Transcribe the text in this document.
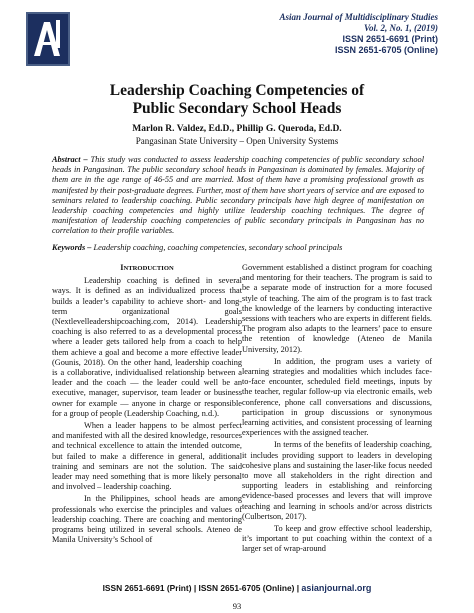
Asian Journal of Multidisciplinary Studies
Vol. 2, No. 1, (2019)
ISSN 2651-6691 (Print)
ISSN 2651-6705 (Online)
Leadership Coaching Competencies of
Public Secondary School Heads
Marlon R. Valdez, Ed.D., Phillip G. Queroda, Ed.D.
Pangasinan State University – Open University Systems
Abstract – This study was conducted to assess leadership coaching competencies of public secondary school heads in Pangasinan. The public secondary school heads in Pangasinan is dominated by females. Majority of them are in the age range of 46-55 and are married. Most of them have a promising professional growth as manifested by their post-graduate degrees. Further, most of them have short years of service and are exposed to seminars related to leadership coaching. Public secondary principals have high degree of manifestation on leadership coaching competencies and highly utilize leadership coaching techniques. The degree of manifestation of leadership coaching competencies of public secondary principals in Pangasinan has no correlation to their profile variables.
Keywords – Leadership coaching, coaching competencies, secondary school principals
INTRODUCTION

Leadership coaching is defined in several ways. It is defined as an individualized process that builds a leader’s capability to achieve short- and long-term organizational goals (Nextlevelleadershipcoaching.com, 2014). Leadership coaching is also referred to as a developmental process where a leader gets tailored help from a coach to help them achieve a goal and become a more effective leader (Gounis, 2018). On the other hand, leadership coaching is a collaborative, individualised relationship between a leader and the coach — the leader could well be an executive, manager, supervisor, team leader or business owner for example — anyone in charge or responsible for a group of people (Leadership Coaching, n.d.).

When a leader happens to be almost perfect and manifested with all the desired knowledge, resources and technical excellence to attain the intended outcome, but failed to make a difference in general, additional training and seminars are not the solution. The said leader may need something that is more likely personal and involved – leadership coaching.

In the Philippines, school heads are among professionals who exercise the principles and values of leadership coaching. There are coaching and mentoring programs being utilized in several schools. Ateneo de Manila University’s School of

Government established a distinct program for coaching and mentoring for their teachers. The program is said to be a separate mode of instruction for a more focused style of teaching. The aim of the program is to fast track the knowledge of the learners by conducting interactive sessions with teachers who are experts in different fields. The program also adapts to the learners’ pace to ensure the retention of knowledge (Ateneo de Manila University, 2012).

In addition, the program uses a variety of learning strategies and modalities which includes face-to-face encounter, scheduled field meetings, inputs by the teacher, regular follow-up via electronic emails, web conference, phone call conversations and discussions, participation in group discussions or synonymous learning activities, and consistent processing of learning experiences with the assigned teacher.

In terms of the benefits of leadership coaching, it includes providing support to leaders in developing cohesive plans and sustaining the laser-like focus needed to move all stakeholders in the right direction and supporting leaders in establishing and reinforcing evidence-based processes and levers that will improve teaching and learning in schools and/or across districts (Culbertson, 2017).

To keep and grow effective school leadership, it’s important to put coaching within the context of a larger set of wrap-around

ISSN 2651-6691 (Print) | ISSN 2651-6705 (Online) | asianjournal.org
93
